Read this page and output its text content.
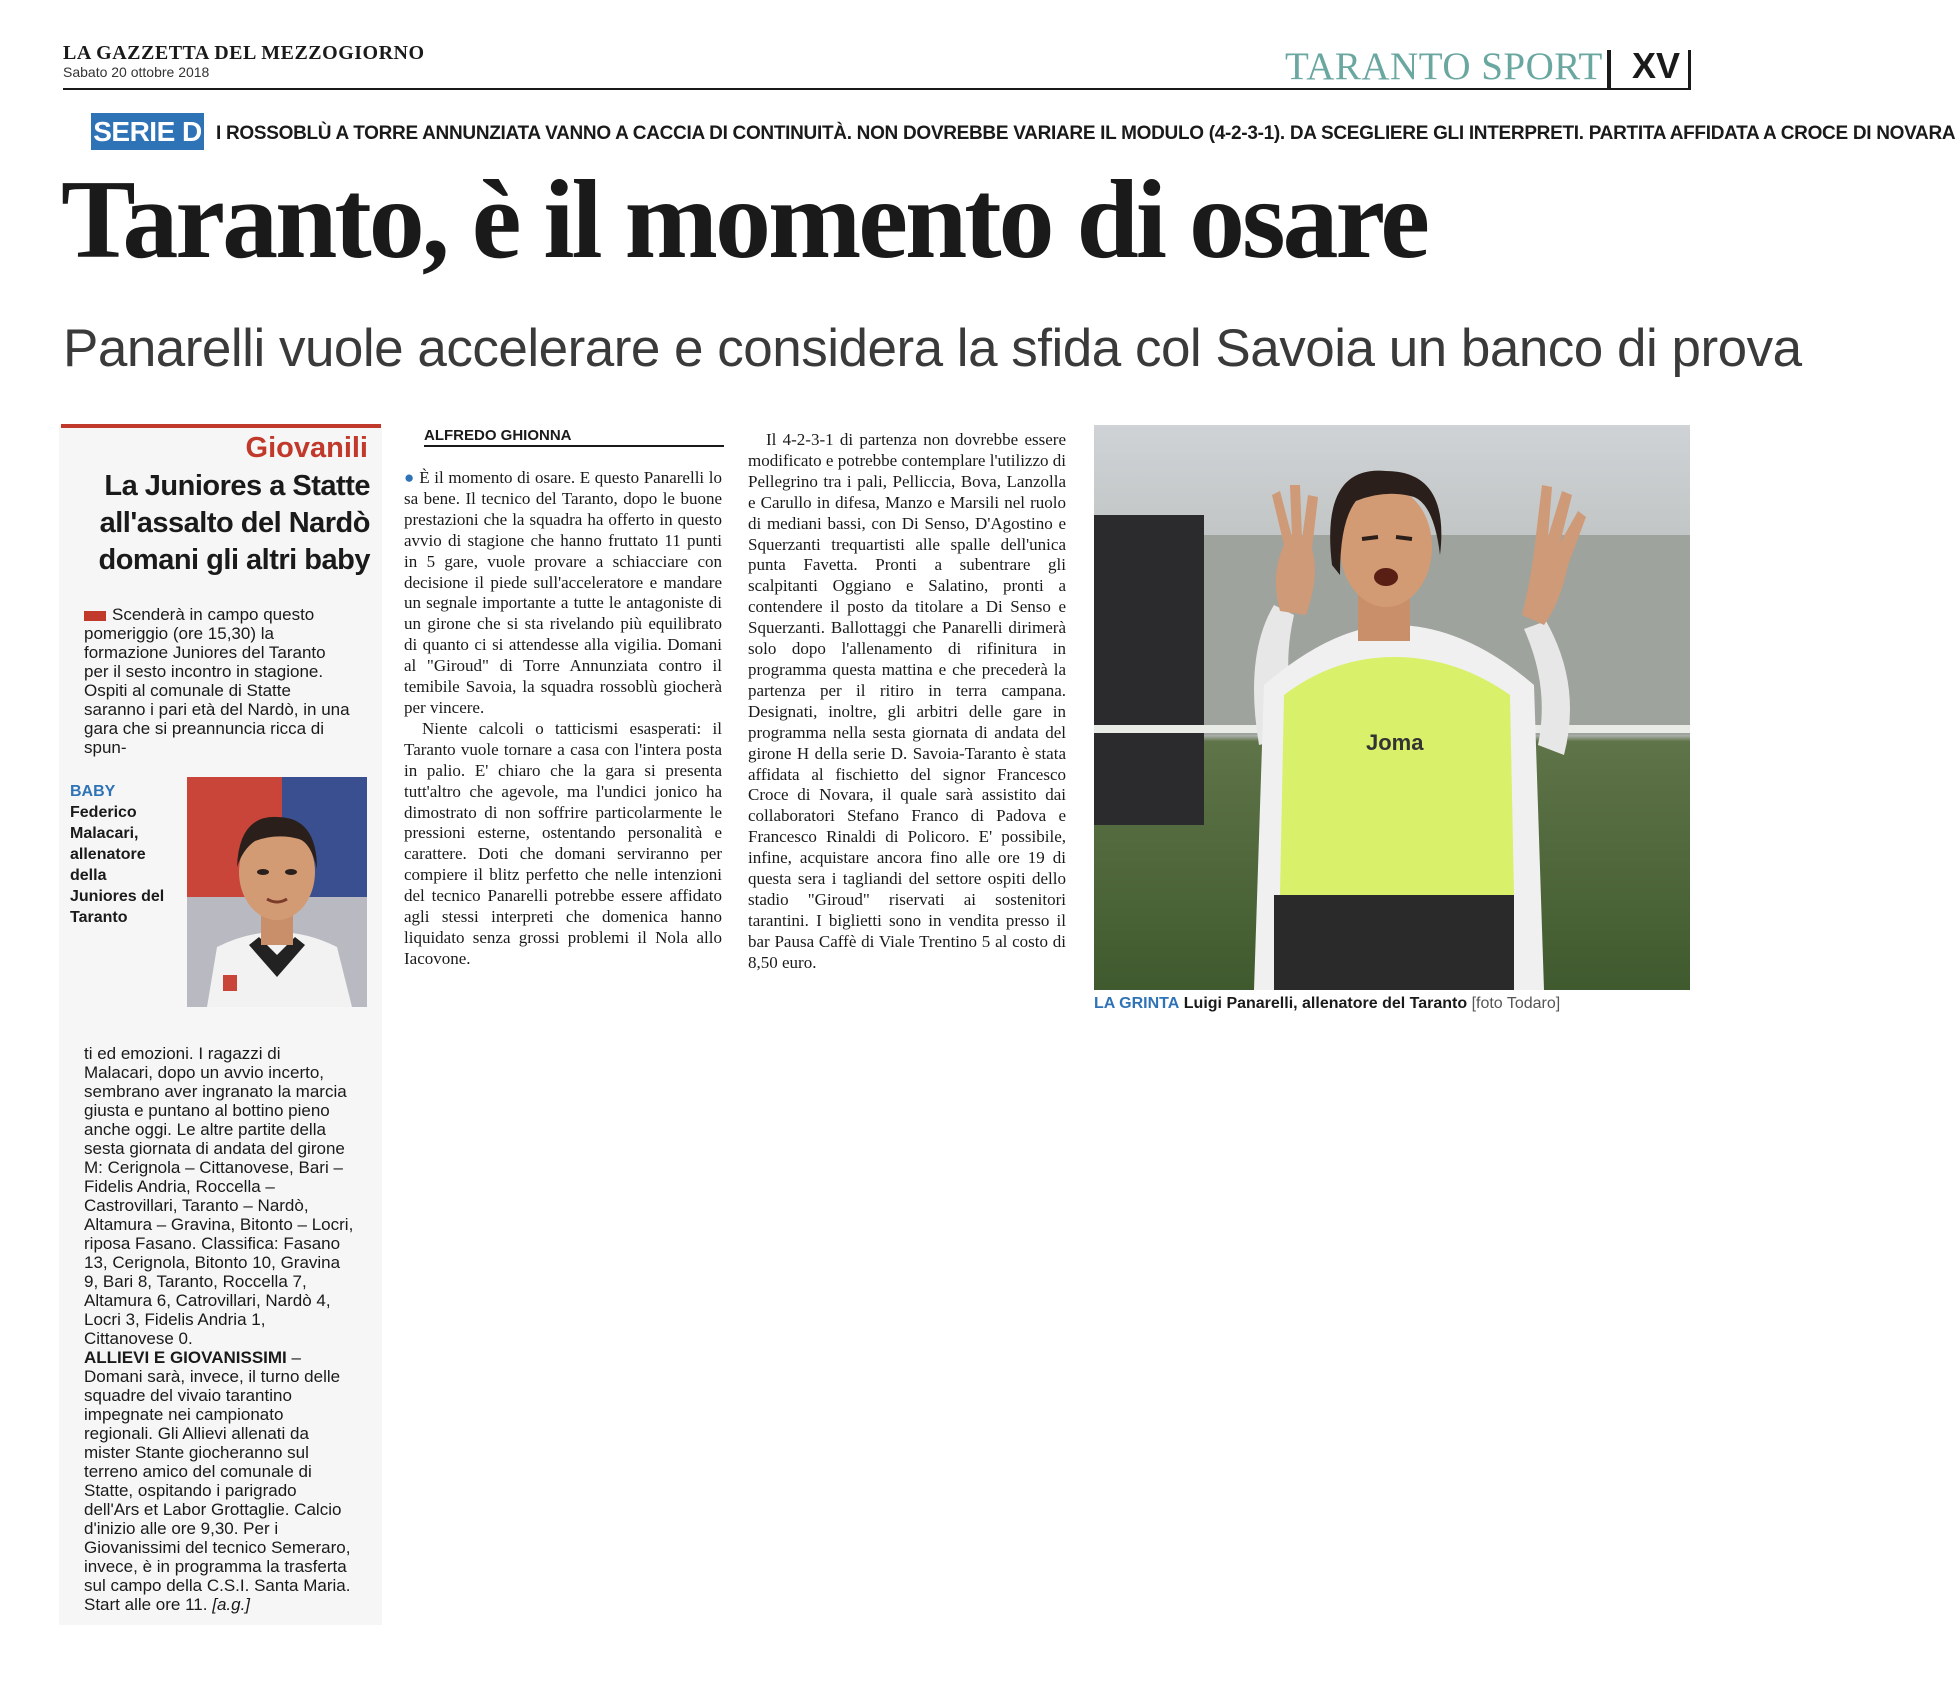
LA GAZZETTA DEL MEZZOGIORNO
Sabato 20 ottobre 2018	TARANTO SPORT XV
SERIE D I ROSSOBLÙ A TORRE ANNUNZIATA VANNO A CACCIA DI CONTINUITÀ. NON DOVREBBE VARIARE IL MODULO (4-2-3-1). DA SCEGLIERE GLI INTERPRETI. PARTITA AFFIDATA A CROCE DI NOVARA
Taranto, è il momento di osare
Panarelli vuole accelerare e considera la sfida col Savoia un banco di prova
Giovanili
La Juniores a Statte all'assalto del Nardò domani gli altri baby
Scenderà in campo questo pomeriggio (ore 15,30) la formazione Juniores del Taranto per il sesto incontro in stagione. Ospiti al comunale di Statte saranno i pari età del Nardò, in una gara che si preannuncia ricca di spun-
BABY
Federico Malacari, allenatore della Juniores del Taranto
ti ed emozioni. I ragazzi di Malacari, dopo un avvio incerto, sembrano aver ingranato la marcia giusta e puntano al bottino pieno anche oggi. Le altre partite della sesta giornata di andata del girone M: Cerignola – Cittanovese, Bari – Fidelis Andria, Roccella – Castrovillari, Taranto – Nardò, Altamura – Gravina, Bitonto – Locri, riposa Fasano. Classifica: Fasano 13, Cerignola, Bitonto 10, Gravina 9, Bari 8, Taranto, Roccella 7, Altamura 6, Catrovillari, Nardò 4, Locri 3, Fidelis Andria 1, Cittanovese 0.
ALLIEVI E GIOVANISSIMI – Domani sarà, invece, il turno delle squadre del vivaio tarantino impegnate nei campionato regionali. Gli Allievi allenati da mister Stante giocheranno sul terreno amico del comunale di Statte, ospitando i parigrado dell'Ars et Labor Grottaglie. Calcio d'inizio alle ore 9,30. Per i Giovanissimi del tecnico Semeraro, invece, è in programma la trasferta sul campo della C.S.I. Santa Maria. Start alle ore 11. [a.g.]
ALFREDO GHIONNA

● È il momento di osare. E questo Panarelli lo sa bene. Il tecnico del Taranto, dopo le buone prestazioni che la squadra ha offerto in questo avvio di stagione che hanno fruttato 11 punti in 5 gare, vuole provare a schiacciare con decisione il piede sull'acceleratore e mandare un segnale importante a tutte le antagoniste di un girone che si sta rivelando più equilibrato di quanto ci si attendesse alla vigilia. Domani al "Giroud" di Torre Annunziata contro il temibile Savoia, la squadra rossoblù giocherà per vincere.

Niente calcoli o tatticismi esasperati: il Taranto vuole tornare a casa con l'intera posta in palio. E' chiaro che la gara si presenta tutt'altro che agevole, ma l'undici jonico ha dimostrato di non soffrire particolarmente le pressioni esterne, ostentando personalità e carattere. Doti che domani serviranno per compiere il blitz perfetto che nelle intenzioni del tecnico Panarelli potrebbe essere affidato agli stessi interpreti che domenica hanno liquidato senza grossi problemi il Nola allo Iacovone.

Il 4-2-3-1 di partenza non dovrebbe essere modificato e potrebbe contemplare l'utilizzo di Pellegrino tra i pali, Pelliccia, Bova, Lanzolla e Carullo in difesa, Manzo e Marsili nel ruolo di mediani bassi, con Di Senso, D'Agostino e Squerzanti trequartisti alle spalle dell'unica punta Favetta. Pronti a subentrare gli scalpitanti Oggiano e Salatino, pronti a contendere il posto da titolare a Di Senso e Squerzanti. Ballottaggi che Panarelli dirimerà solo dopo l'allenamento di rifinitura in programma questa mattina e che precederà la partenza per il ritiro in terra campana. Designati, inoltre, gli arbitri delle gare in programma nella sesta giornata di andata del girone H della serie D. Savoia-Taranto è stata affidata al fischietto del signor Francesco Croce di Novara, il quale sarà assistito dai collaboratori Stefano Franco di Padova e Francesco Rinaldi di Policoro. E' possibile, infine, acquistare ancora fino alle ore 19 di questa sera i tagliandi del settore ospiti dello stadio "Giroud" riservati ai sostenitori tarantini. I biglietti sono in vendita presso il bar Pausa Caffè di Viale Trentino 5 al costo di 8,50 euro.

Joma
LA GRINTA Luigi Panarelli, allenatore del Taranto [foto Todaro]
